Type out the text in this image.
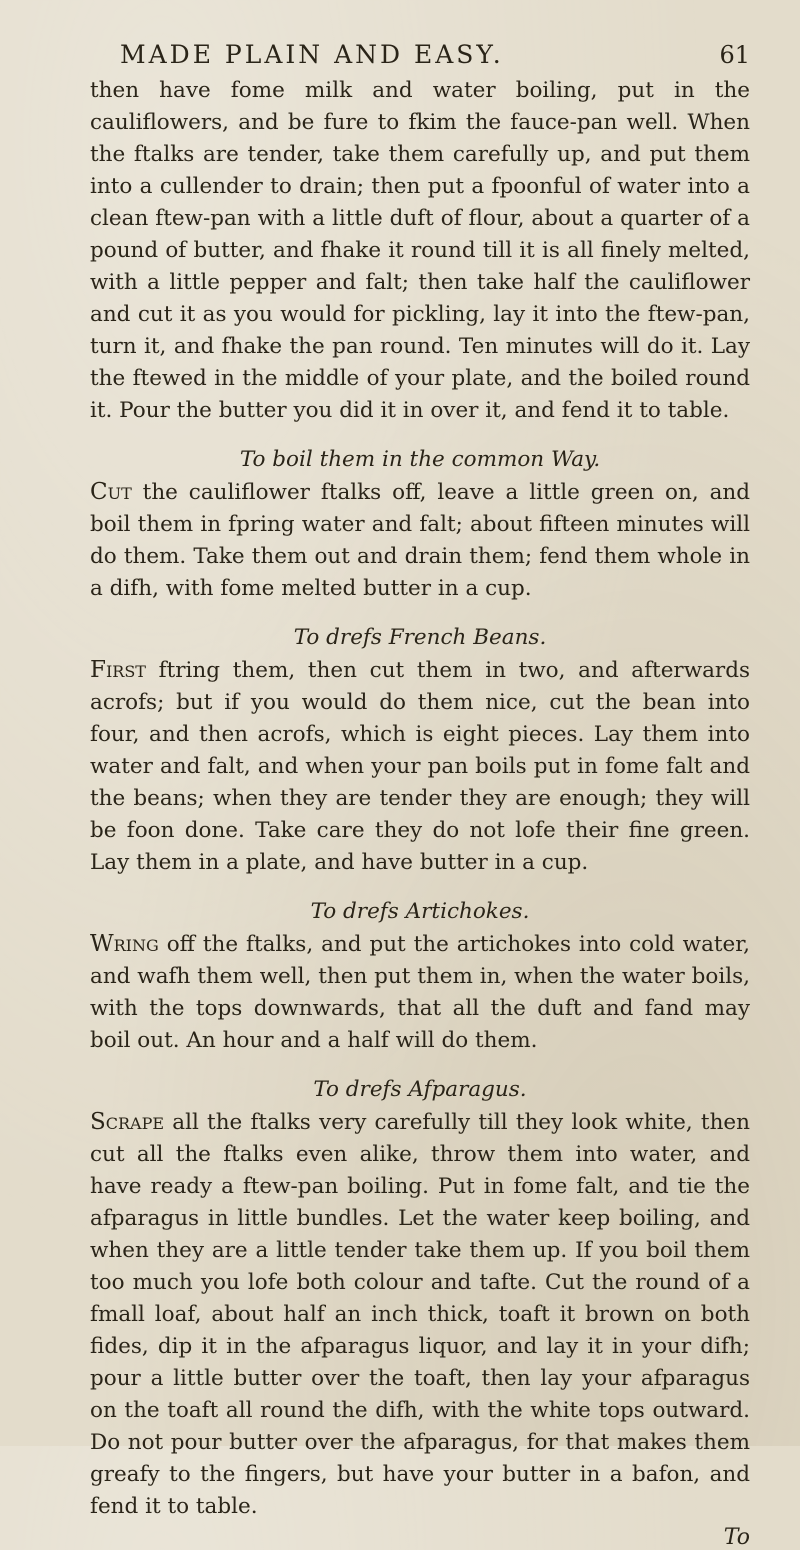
MADE PLAIN AND EASY.	61

then have fome milk and water boiling, put in the cauliflowers, and be fure to fkim the fauce-pan well. When the ftalks are tender, take them carefully up, and put them into a cullender to drain; then put a fpoonful of water into a clean ftew-pan with a little duft of flour, about a quarter of a pound of butter, and fhake it round till it is all finely melted, with a little pepper and falt; then take half the cauliflower and cut it as you would for pickling, lay it into the ftew-pan, turn it, and fhake the pan round. Ten minutes will do it. Lay the ftewed in the middle of your plate, and the boiled round it. Pour the butter you did it in over it, and fend it to table.

To boil them in the common Way.

Cut the cauliflower ftalks off, leave a little green on, and boil them in fpring water and falt; about fifteen minutes will do them. Take them out and drain them; fend them whole in a difh, with fome melted butter in a cup.

To drefs French Beans.

First ftring them, then cut them in two, and afterwards acrofs; but if you would do them nice, cut the bean into four, and then acrofs, which is eight pieces. Lay them into water and falt, and when your pan boils put in fome falt and the beans; when they are tender they are enough; they will be foon done. Take care they do not lofe their fine green. Lay them in a plate, and have butter in a cup.

To drefs Artichokes.

Wring off the ftalks, and put the artichokes into cold water, and wafh them well, then put them in, when the water boils, with the tops downwards, that all the duft and fand may boil out. An hour and a half will do them.

To drefs Afparagus.

Scrape all the ftalks very carefully till they look white, then cut all the ftalks even alike, throw them into water, and have ready a ftew-pan boiling. Put in fome falt, and tie the afparagus in little bundles. Let the water keep boiling, and when they are a little tender take them up. If you boil them too much you lofe both colour and tafte. Cut the round of a fmall loaf, about half an inch thick, toaft it brown on both fides, dip it in the afparagus liquor, and lay it in your difh; pour a little butter over the toaft, then lay your afparagus on the toaft all round the difh, with the white tops outward. Do not pour butter over the afparagus, for that makes them greafy to the fingers, but have your butter in a bafon, and fend it to table.

To
